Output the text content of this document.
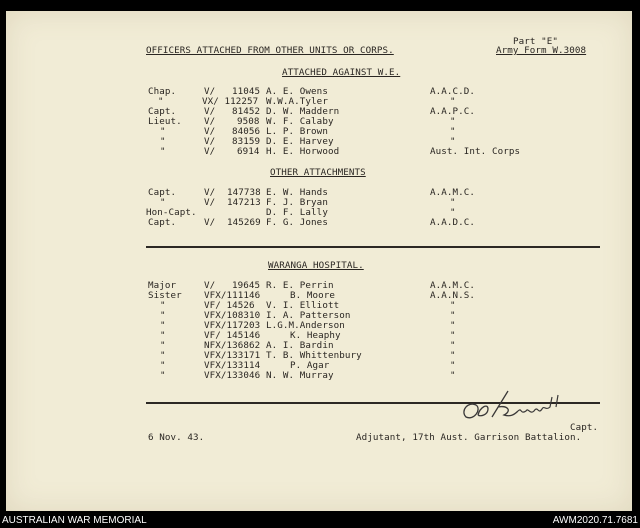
Part "E"
Army Form W.3008
OFFICERS ATTACHED FROM OTHER UNITS OR CORPS.
ATTACHED AGAINST W.E.
Chap.	V/ 11045 A. E. Owens	A.A.C.D.
"	VX/ 112257 W.W.A.Tyler	"
Capt.	V/ 81452 D. W. Maddern	A.A.P.C.
Lieut. V/ 9508 W. F. Calaby	"
"	V/ 84056 L. P. Brown	"
"	V/ 83159 D. E. Harvey	"
"	V/ 6914 H. E. Horwood	Aust. Int. Corps
OTHER ATTACHMENTS
Capt.	V/ 147738 E. W. Hands	A.A.M.C.
"	V/ 147213 F. J. Bryan	"
Hon-Capt.	D. F. Lally	"
Capt.	V/ 145269 F. G. Jones	A.A.D.C.
WARANGA HOSPITAL.
Major	V/ 19645 R. E. Perrin	A.A.M.C.
Sister VFX/111146	B. Moore	A.A.N.S.
"	VF/ 14526 V. I. Elliott	"
"	VFX/108310 I. A. Patterson	"
"	VFX/117203 L.G.M.Anderson	"
"	VF/ 145146	K. Heaphy	"
"	NFX/136862 A. I. Bardin	"
"	VFX/133171 T. B. Whittenbury	"
"	VFX/133114	P. Agar	"
"	VFX/133046 N. W. Murray	"
Capt.
6 Nov. 43.	Adjutant, 17th Aust. Garrison Battalion.
AUSTRALIAN WAR MEMORIAL	AWM2020.71.7681
